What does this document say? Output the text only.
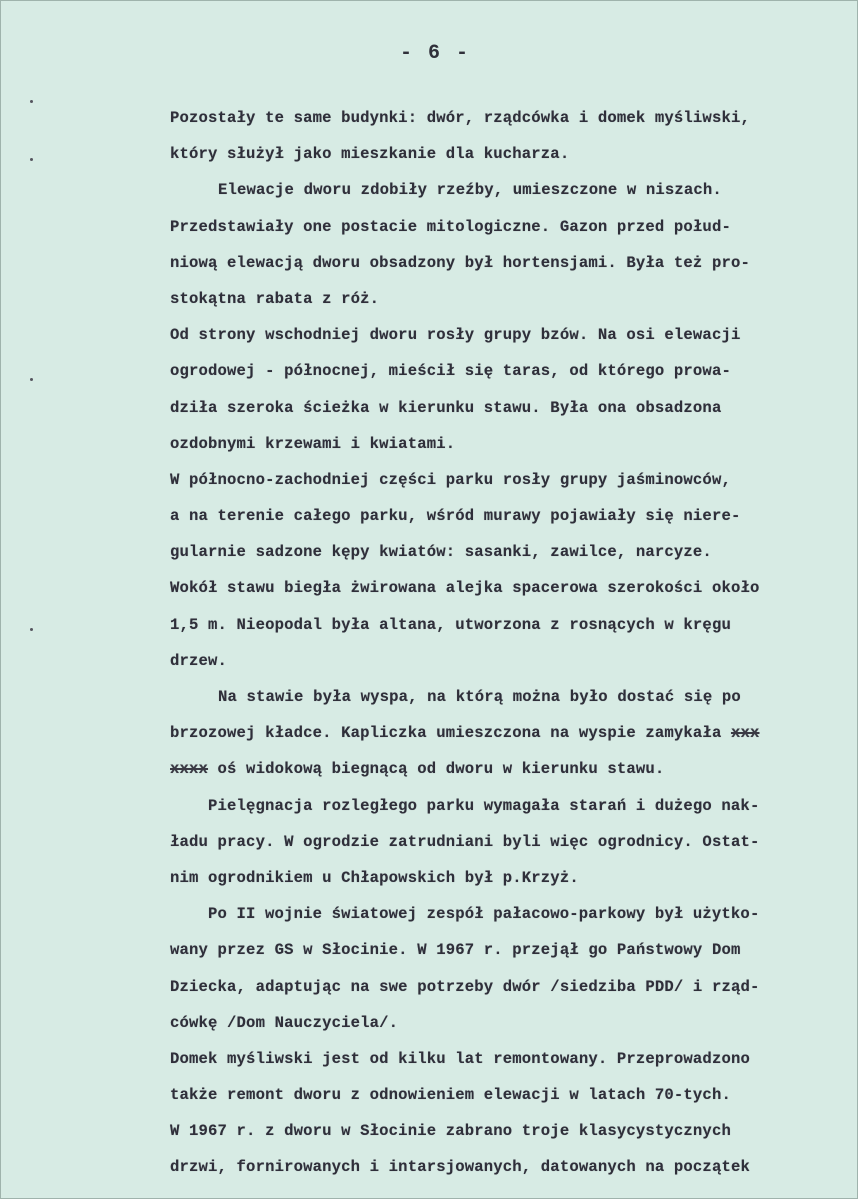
- 6 -
Pozostały te same budynki: dwór, rządcówka i domek myśliwski,
który służył jako mieszkanie dla kucharza.
Elewacje dworu zdobiły rzeźby, umieszczone w niszach.
Przedstawiały one postacie mitologiczne. Gazon przed połud-
niową elewacją dworu obsadzony był hortensjami. Była też pro-
stokątna rabata z róż.
Od strony wschodniej dworu rosły grupy bzów. Na osi elewacji
ogrodowej - północnej, mieścił się taras, od którego prowa-
dziła szeroka ścieżka w kierunku stawu. Była ona obsadzona
ozdobnymi krzewami i kwiatami.
W północno-zachodniej części parku rosły grupy jaśminowców,
a na terenie całego parku, wśród murawy pojawiały się niere-
gularnie sadzone kępy kwiatów: sasanki, zawilce, narcyze.
Wokół stawu biegła żwirowana alejka spacerowa szerokości około
1,5 m. Nieopodal była altana, utworzona z rosnących w kręgu
drzew.
Na stawie była wyspa, na którą można było dostać się po
brzozowej kładce. Kapliczka umieszczona na wyspie zamykała xxx
xxxx oś widokową biegnącą od dworu w kierunku stawu.
Pielęgnacja rozległego parku wymagała starań i dużego nak-
ładu pracy. W ogrodzie zatrudniani byli więc ogrodnicy. Ostat-
nim ogrodnikiem u Chłapowskich był p.Krzyż.
Po II wojnie światowej zespół pałacowo-parkowy był użytko-
wany przez GS w Słocinie. W 1967 r. przejął go Państwowy Dom
Dziecka, adaptując na swe potrzeby dwór /siedziba PDD/ i rząd-
cówkę /Dom Nauczyciela/.
Domek myśliwski jest od kilku lat remontowany. Przeprowadzono
także remont dworu z odnowieniem elewacji w latach 70-tych.
W 1967 r. z dworu w Słocinie zabrano troje klasycystycznych
drzwi, fornirowanych i intarsjowanych, datowanych na początek
